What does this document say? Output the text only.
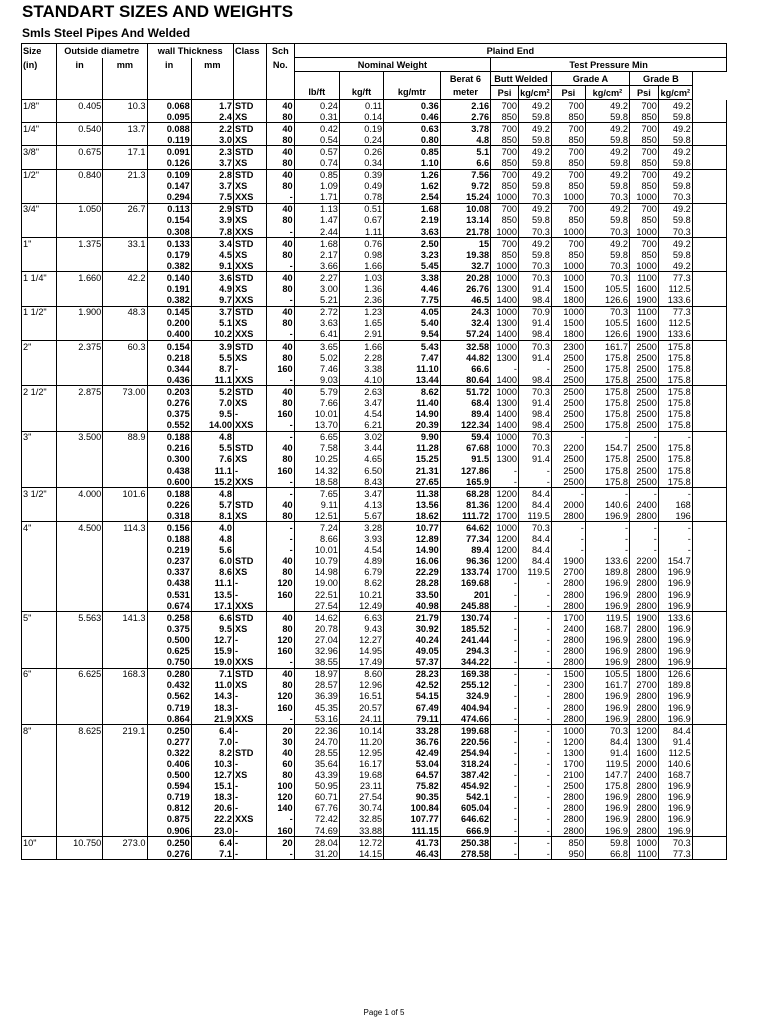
STANDART SIZES AND WEIGHTS
Smls Steel Pipes And Welded
Size	Outside diametre		wall Thickness		Class	Sch	Plaind End										
(in)	in	mm	in	mm		No.	Nominal Weight				Test Pressure Min						
										Berat 6	Butt Welded		Grade A		Grade B		
							lb/ft	kg/ft	kg/mtr	meter	Psi	kg/cm²	Psi	kg/cm²	Psi	kg/cm²	
1/8"	0.405	10.3	0.068	1.7	STD	40	0.24	0.11	0.36	2.16	700	49.2	700	49.2	700	49.2	
			0.095	2.4	XS	80	0.31	0.14	0.46	2.76	850	59.8	850	59.8	850	59.8	
1/4"	0.540	13.7	0.088	2.2	STD	40	0.42	0.19	0.63	3.78	700	49.2	700	49.2	700	49.2	
			0.119	3.0	XS	80	0.54	0.24	0.80	4.8	850	59.8	850	59.8	850	59.8	
3/8"	0.675	17.1	0.091	2.3	STD	40	0.57	0.26	0.85	5.1	700	49.2	700	49.2	700	49.2	
			0.126	3.7	XS	80	0.74	0.34	1.10	6.6	850	59.8	850	59.8	850	59.8	
1/2"	0.840	21.3	0.109	2.8	STD	40	0.85	0.39	1.26	7.56	700	49.2	700	49.2	700	49.2	
			0.147	3.7	XS	80	1.09	0.49	1.62	9.72	850	59.8	850	59.8	850	59.8	
			0.294	7.5	XXS	-	1.71	0.78	2.54	15.24	1000	70.3	1000	70.3	1000	70.3	
3/4"	1.050	26.7	0.113	2.9	STD	40	1.13	0.51	1.68	10.08	700	49.2	700	49.2	700	49.2	
			0.154	3.9	XS	80	1.47	0.67	2.19	13.14	850	59.8	850	59.8	850	59.8	
			0.308	7.8	XXS	-	2.44	1.11	3.63	21.78	1000	70.3	1000	70.3	1000	70.3	
1"	1.375	33.1	0.133	3.4	STD	40	1.68	0.76	2.50	15	700	49.2	700	49.2	700	49.2	
			0.179	4.5	XS	80	2.17	0.98	3.23	19.38	850	59.8	850	59.8	850	59.8	
			0.382	9.1	XXS	-	3.66	1.66	5.45	32.7	1000	70.3	1000	70.3	1000	49.2	
1 1/4"	1.660	42.2	0.140	3.6	STD	40	2.27	1.03	3.38	20.28	1000	70.3	1000	70.3	1100	77.3	
			0.191	4.9	XS	80	3.00	1.36	4.46	26.76	1300	91.4	1500	105.5	1600	112.5	
			0.382	9.7	XXS	-	5.21	2.36	7.75	46.5	1400	98.4	1800	126.6	1900	133.6	
1 1/2"	1.900	48.3	0.145	3.7	STD	40	2.72	1.23	4.05	24.3	1000	70.9	1000	70.3	1100	77.3	
			0.200	5.1	XS	80	3.63	1.65	5.40	32.4	1300	91.4	1500	105.5	1600	112.5	
			0.400	10.2	XXS	-	6.41	2.91	9.54	57.24	1400	98.4	1800	126.6	1900	133.6	
2"	2.375	60.3	0.154	3.9	STD	40	3.65	1.66	5.43	32.58	1000	70.3	2300	161.7	2500	175.8	
			0.218	5.5	XS	80	5.02	2.28	7.47	44.82	1300	91.4	2500	175.8	2500	175.8	
			0.344	8.7	-	160	7.46	3.38	11.10	66.6	-	-	2500	175.8	2500	175.8	
			0.436	11.1	XXS	-	9.03	4.10	13.44	80.64	1400	98.4	2500	175.8	2500	175.8	
2 1/2"	2.875	73.00	0.203	5.2	STD	40	5.79	2.63	8.62	51.72	1000	70.3	2500	175.8	2500	175.8	
			0.276	7.0	XS	80	7.66	3.47	11.40	68.4	1300	91.4	2500	175.8	2500	175.8	
			0.375	9.5	-	160	10.01	4.54	14.90	89.4	1400	98.4	2500	175.8	2500	175.8	
			0.552	14.00	XXS	-	13.70	6.21	20.39	122.34	1400	98.4	2500	175.8	2500	175.8	
3"	3.500	88.9	0.188	4.8		-	6.65	3.02	9.90	59.4	1000	70.3	-	-	-	-	
			0.216	5.5	STD	40	7.58	3.44	11.28	67.68	1000	70.3	2200	154.7	2500	175.8	
			0.300	7.6	XS	80	10.25	4.65	15.25	91.5	1300	91.4	2500	175.8	2500	175.8	
			0.438	11.1	-	160	14.32	6.50	21.31	127.86	-	-	2500	175.8	2500	175.8	
			0.600	15.2	XXS	-	18.58	8.43	27.65	165.9	-	-	2500	175.8	2500	175.8	
3 1/2"	4.000	101.6	0.188	4.8		-	7.65	3.47	11.38	68.28	1200	84.4	-	-	-	-	
			0.226	5.7	STD	40	9.11	4.13	13.56	81.36	1200	84.4	2000	140.6	2400	168	
			0.318	8.1	XS	80	12.51	5.67	18.62	111.72	1700	119.5	2800	196.9	2800	196	
4"	4.500	114.3	0.156	4.0		-	7.24	3.28	10.77	64.62	1000	70.3	-	-	-	-	
			0.188	4.8		-	8.66	3.93	12.89	77.34	1200	84.4	-	-	-	-	
			0.219	5.6		-	10.01	4.54	14.90	89.4	1200	84.4	-	-	-	-	
			0.237	6.0	STD	40	10.79	4.89	16.06	96.36	1200	84.4	1900	133.6	2200	154.7	
			0.337	8.6	XS	80	14.98	6.79	22.29	133.74	1700	119.5	2700	189.8	2800	196.9	
			0.438	11.1	-	120	19.00	8.62	28.28	169.68	-	-	2800	196.9	2800	196.9	
			0.531	13.5	-	160	22.51	10.21	33.50	201	-	-	2800	196.9	2800	196.9	
			0.674	17.1	XXS		27.54	12.49	40.98	245.88	-	-	2800	196.9	2800	196.9	
5"	5.563	141.3	0.258	6.6	STD	40	14.62	6.63	21.79	130.74	-	-	1700	119.5	1900	133.6	
			0.375	9.5	XS	80	20.78	9.43	30.92	185.52	-	-	2400	168.7	2800	196.9	
			0.500	12.7	-	120	27.04	12.27	40.24	241.44	-	-	2800	196.9	2800	196.9	
			0.625	15.9	-	160	32.96	14.95	49.05	294.3	-	-	2800	196.9	2800	196.9	
			0.750	19.0	XXS	-	38.55	17.49	57.37	344.22	-	-	2800	196.9	2800	196.9	
6"	6.625	168.3	0.280	7.1	STD	40	18.97	8.60	28.23	169.38	-	-	1500	105.5	1800	126.6	
			0.432	11.0	XS	80	28.57	12.96	42.52	255.12	-	-	2300	161.7	2700	189.8	
			0.562	14.3	-	120	36.39	16.51	54.15	324.9	-	-	2800	196.9	2800	196.9	
			0.719	18.3	-	160	45.35	20.57	67.49	404.94	-	-	2800	196.9	2800	196.9	
			0.864	21.9	XXS	-	53.16	24.11	79.11	474.66	-	-	2800	196.9	2800	196.9	
8"	8.625	219.1	0.250	6.4	-	20	22.36	10.14	33.28	199.68	-	-	1000	70.3	1200	84.4	
			0.277	7.0	-	30	24.70	11.20	36.76	220.56	-	-	1200	84.4	1300	91.4	
			0.322	8.2	STD	40	28.55	12.95	42.49	254.94	-	-	1300	91.4	1600	112.5	
			0.406	10.3	-	60	35.64	16.17	53.04	318.24	-	-	1700	119.5	2000	140.6	
			0.500	12.7	XS	80	43.39	19.68	64.57	387.42	-	-	2100	147.7	2400	168.7	
			0.594	15.1	-	100	50.95	23.11	75.82	454.92	-	-	2500	175.8	2800	196.9	
			0.719	18.3	-	120	60.71	27.54	90.35	542.1	-	-	2800	196.9	2800	196.9	
			0.812	20.6	-	140	67.76	30.74	100.84	605.04	-	-	2800	196.9	2800	196.9	
			0.875	22.2	XXS	-	72.42	32.85	107.77	646.62	-	-	2800	196.9	2800	196.9	
			0.906	23.0	-	160	74.69	33.88	111.15	666.9	-	-	2800	196.9	2800	196.9	
10"	10.750	273.0	0.250	6.4	-	20	28.04	12.72	41.73	250.38	-	-	850	59.8	1000	70.3	
			0.276	7.1	-	-	31.20	14.15	46.43	278.58	-	-	950	66.8	1100	77.3	
Page 1 of 5
